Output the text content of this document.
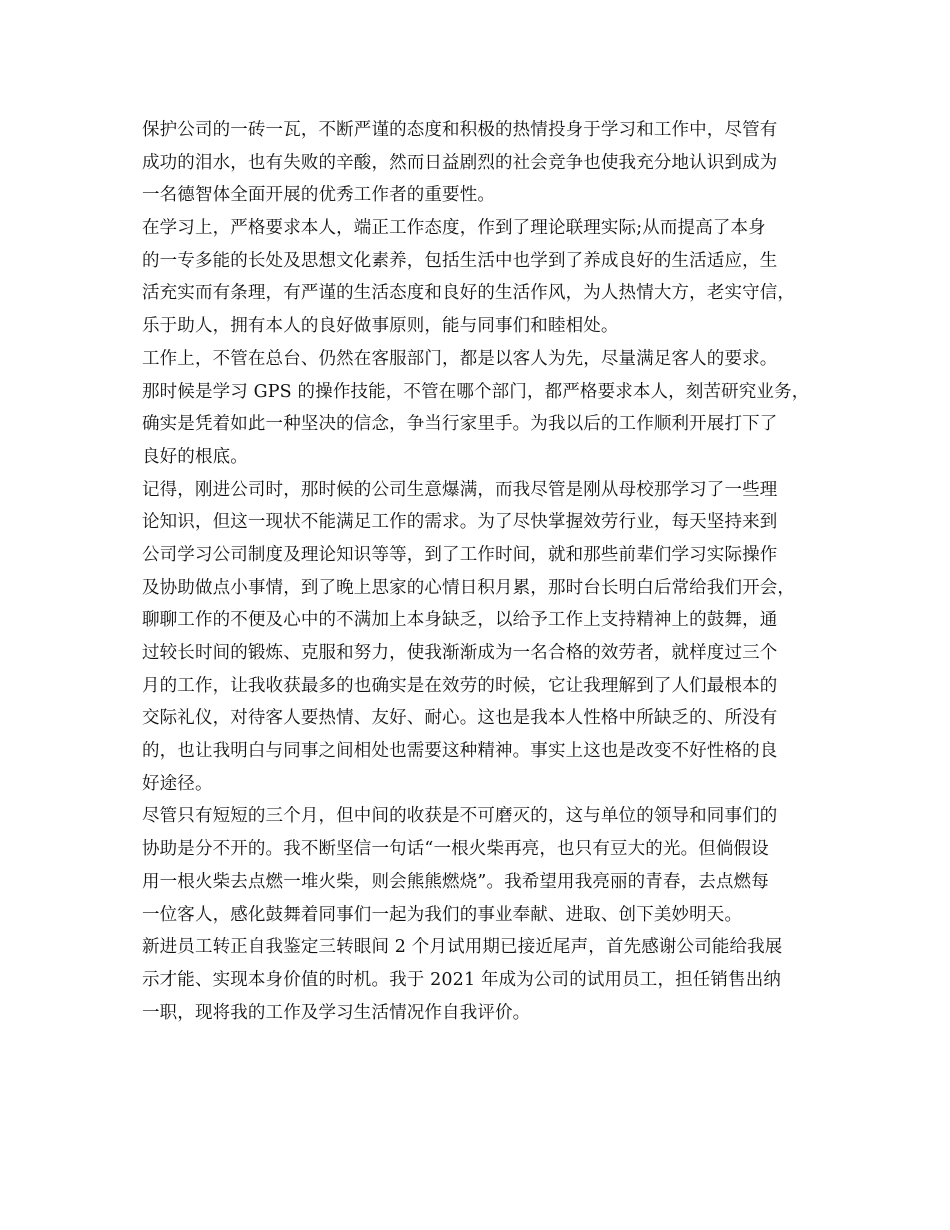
保护公司的一砖一瓦，不断严谨的态度和积极的热情投身于学习和工作中，尽管有
成功的泪水，也有失败的辛酸，然而日益剧烈的社会竞争也使我充分地认识到成为
一名德智体全面开展的优秀工作者的重要性。
在学习上，严格要求本人，端正工作态度，作到了理论联理实际;从而提高了本身
的一专多能的长处及思想文化素养，包括生活中也学到了养成良好的生活适应，生
活充实而有条理，有严谨的生活态度和良好的生活作风，为人热情大方，老实守信，
乐于助人，拥有本人的良好做事原则，能与同事们和睦相处。
工作上，不管在总台、仍然在客服部门，都是以客人为先，尽量满足客人的要求。
那时候是学习 GPS 的操作技能，不管在哪个部门，都严格要求本人，刻苦研究业务，
确实是凭着如此一种坚决的信念，争当行家里手。为我以后的工作顺利开展打下了
良好的根底。
记得，刚进公司时，那时候的公司生意爆满，而我尽管是刚从母校那学习了一些理
论知识，但这一现状不能满足工作的需求。为了尽快掌握效劳行业，每天坚持来到
公司学习公司制度及理论知识等等，到了工作时间，就和那些前辈们学习实际操作
及协助做点小事情，到了晚上思家的心情日积月累，那时台长明白后常给我们开会，
聊聊工作的不便及心中的不满加上本身缺乏，以给予工作上支持精神上的鼓舞，通
过较长时间的锻炼、克服和努力，使我渐渐成为一名合格的效劳者，就样度过三个
月的工作，让我收获最多的也确实是在效劳的时候，它让我理解到了人们最根本的
交际礼仪，对待客人要热情、友好、耐心。这也是我本人性格中所缺乏的、所没有
的，也让我明白与同事之间相处也需要这种精神。事实上这也是改变不好性格的良
好途径。
尽管只有短短的三个月，但中间的收获是不可磨灭的，这与单位的领导和同事们的
协助是分不开的。我不断坚信一句话“一根火柴再亮，也只有豆大的光。但倘假设
用一根火柴去点燃一堆火柴，则会熊熊燃烧”。我希望用我亮丽的青春，去点燃每
一位客人，感化鼓舞着同事们一起为我们的事业奉献、进取、创下美妙明天。
新进员工转正自我鉴定三转眼间 2 个月试用期已接近尾声，首先感谢公司能给我展
示才能、实现本身价值的时机。我于 2021 年成为公司的试用员工，担任销售出纳
一职，现将我的工作及学习生活情况作自我评价。
